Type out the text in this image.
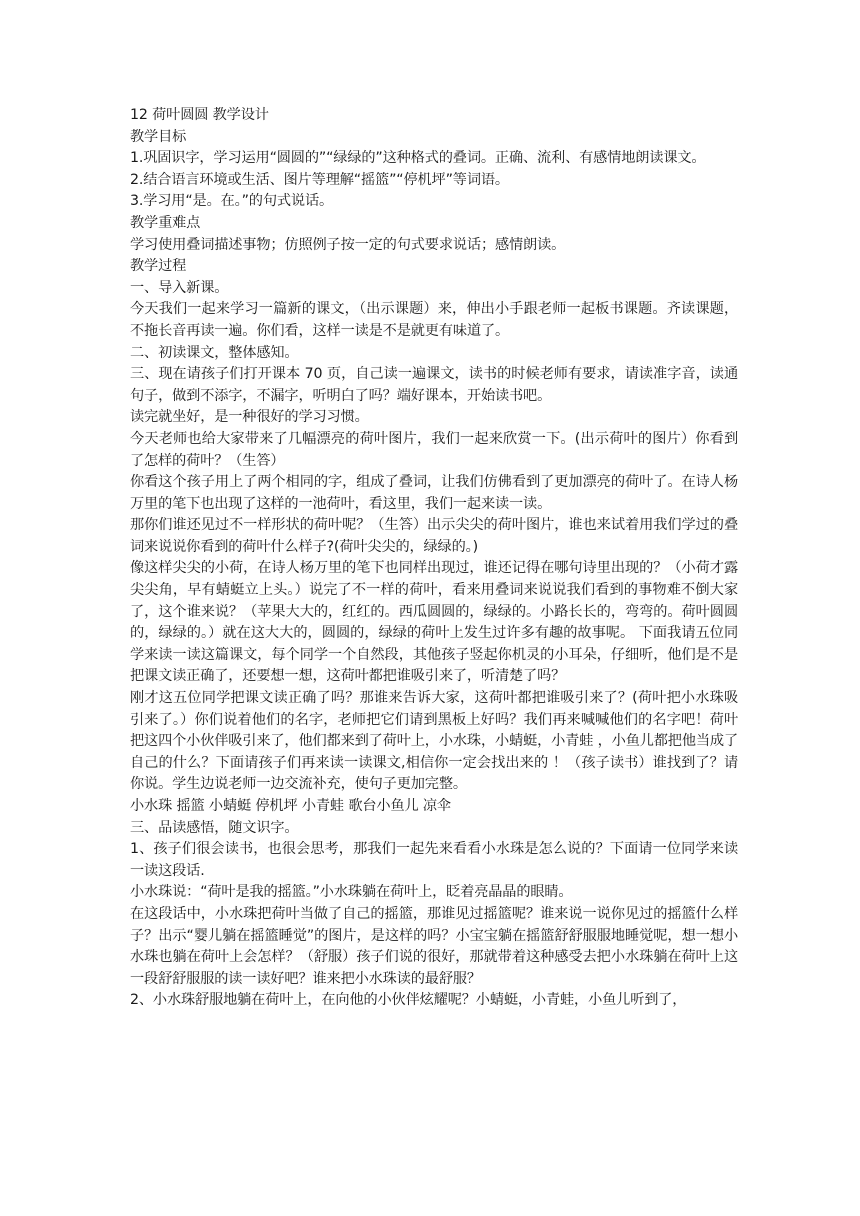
12 荷叶圆圆 教学设计

教学目标

1.巩固识字，学习运用“圆圆的”“绿绿的”这种格式的叠词。正确、流利、有感情地朗读课文。

2.结合语言环境或生活、图片等理解“摇篮”“停机坪”等词语。

3.学习用“是。在。”的句式说话。

教学重难点

学习使用叠词描述事物；仿照例子按一定的句式要求说话；感情朗读。

教学过程

一、导入新课。

今天我们一起来学习一篇新的课文，（出示课题）来，伸出小手跟老师一起板书课题。齐读课题，不拖长音再读一遍。你们看，这样一读是不是就更有味道了。

二、初读课文，整体感知。

三、现在请孩子们打开课本 70 页，自己读一遍课文，读书的时候老师有要求，请读准字音，读通句子，做到不添字，不漏字，听明白了吗？端好课本，开始读书吧。

读完就坐好，是一种很好的学习习惯。

今天老师也给大家带来了几幅漂亮的荷叶图片，我们一起来欣赏一下。(出示荷叶的图片）你看到了怎样的荷叶？（生答）

你看这个孩子用上了两个相同的字，组成了叠词，让我们仿佛看到了更加漂亮的荷叶了。在诗人杨万里的笔下也出现了这样的一池荷叶，看这里，我们一起来读一读。

那你们谁还见过不一样形状的荷叶呢？（生答）出示尖尖的荷叶图片，谁也来试着用我们学过的叠词来说说你看到的荷叶什么样子?(荷叶尖尖的，绿绿的。)

像这样尖尖的小荷，在诗人杨万里的笔下也同样出现过，谁还记得在哪句诗里出现的？（小荷才露尖尖角，早有蜻蜓立上头。）说完了不一样的荷叶，看来用叠词来说说我们看到的事物难不倒大家了，这个谁来说？（苹果大大的，红红的。西瓜圆圆的，绿绿的。小路长长的，弯弯的。荷叶圆圆的，绿绿的。）就在这大大的，圆圆的，绿绿的荷叶上发生过许多有趣的故事呢。 下面我请五位同学来读一读这篇课文，每个同学一个自然段，其他孩子竖起你机灵的小耳朵，仔细听，他们是不是把课文读正确了，还要想一想，这荷叶都把谁吸引来了，听清楚了吗？

刚才这五位同学把课文读正确了吗？那谁来告诉大家，这荷叶都把谁吸引来了？(荷叶把小水珠吸引来了。）你们说着他们的名字，老师把它们请到黑板上好吗？我们再来喊喊他们的名字吧！荷叶把这四个小伙伴吸引来了，他们都来到了荷叶上，小水珠，小蜻蜓，小青蛙 ，小鱼儿都把他当成了自己的什么？下面请孩子们再来读一读课文,相信你一定会找出来的 ！（孩子读书）谁找到了？请你说。学生边说老师一边交流补充，使句子更加完整。

小水珠 摇篮 小蜻蜓 停机坪 小青蛙 歌台小鱼儿 凉伞

三、品读感悟，随文识字。

1、孩子们很会读书，也很会思考，那我们一起先来看看小水珠是怎么说的？下面请一位同学来读一读这段话.

小水珠说：“荷叶是我的摇篮。”小水珠躺在荷叶上，眨着亮晶晶的眼睛。

在这段话中，小水珠把荷叶当做了自己的摇篮，那谁见过摇篮呢？谁来说一说你见过的摇篮什么样子？出示“婴儿躺在摇篮睡觉”的图片，是这样的吗？小宝宝躺在摇篮舒舒服服地睡觉呢，想一想小水珠也躺在荷叶上会怎样？（舒服）孩子们说的很好，那就带着这种感受去把小水珠躺在荷叶上这一段舒舒服服的读一读好吧？谁来把小水珠读的最舒服？

2、小水珠舒服地躺在荷叶上，在向他的小伙伴炫耀呢？小蜻蜓，小青蛙，小鱼儿听到了，
